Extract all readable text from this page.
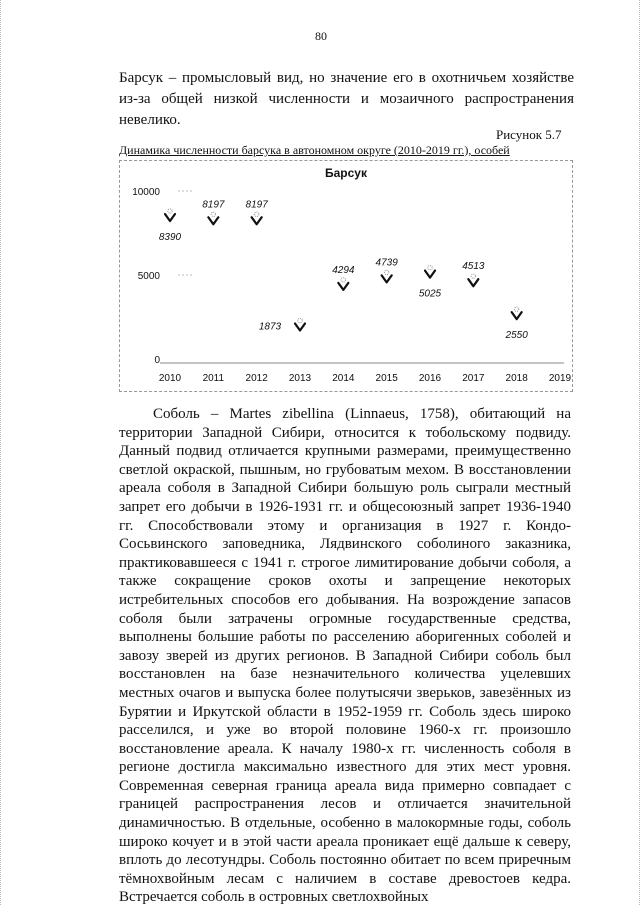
80
Барсук – промысловый вид, но значение его в охотничьем хозяйстве из-за общей низкой численности и мозаичного распространения невелико.
Рисунок 5.7
Динамика численности барсука в автономном округе (2010-2019 гг.), особей
Барсук
0
5000
10000
2010 2011 2012 2013 2014 2015 2016 2017 2018 2019
8390
8197 8197
1873
4294
4739
5025
4513
2550

Соболь – Martes zibellina (Linnaeus, 1758), обитающий на территории Западной Сибири, относится к тобольскому подвиду. Данный подвид отличается крупными размерами, преимущественно светлой окраской, пышным, но грубоватым мехом. В восстановлении ареала соболя в Западной Сибири большую роль сыграли местный запрет его добычи в 1926-1931 гг. и общесоюзный запрет 1936-1940 гг. Способствовали этому и организация в 1927 г. Кондо-Сосьвинского заповедника, Лядвинского соболиного заказника, практиковавшееся с 1941 г. строгое лимитирование добычи соболя, а также сокращение сроков охоты и запрещение некоторых истребительных способов его добывания. На возрождение запасов соболя были затрачены огромные государственные средства, выполнены большие работы по расселению аборигенных соболей и завозу зверей из других регионов. В Западной Сибири соболь был восстановлен на базе незначительного количества уцелевших местных очагов и выпуска более полутысячи зверьков, завезённых из Бурятии и Иркутской области в 1952-1959 гг. Соболь здесь широко расселился, и уже во второй половине 1960-х гг. произошло восстановление ареала. К началу 1980-х гг. численность соболя в регионе достигла максимально известного для этих мест уровня. Современная северная граница ареала вида примерно совпадает с границей распространения лесов и отличается значительной динамичностью. В отдельные, особенно в малокормные годы, соболь широко кочует и в этой части ареала проникает ещё дальше к северу, вплоть до лесотундры. Соболь постоянно обитает по всем приречным тёмнохвойным лесам с наличием в составе древостоев кедра. Встречается соболь в островных светлохвойных
